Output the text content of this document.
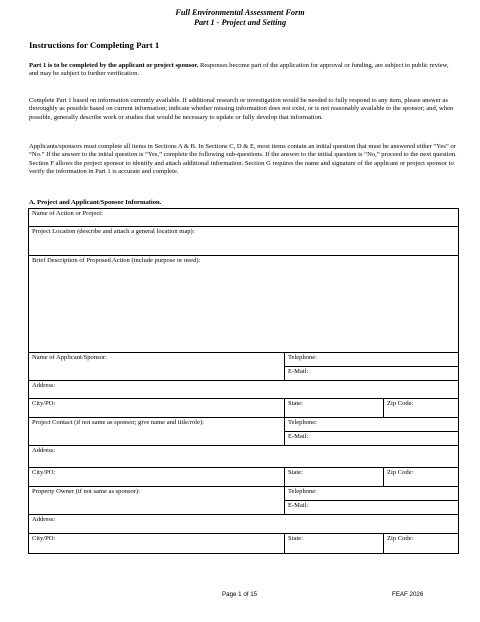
Full Environmental Assessment Form
Part 1 - Project and Setting
Instructions for Completing Part 1
Part 1 is to be completed by the applicant or project sponsor. Responses become part of the application for approval or funding, are subject to public review, and may be subject to further verification.
Complete Part 1 based on information currently available. If additional research or investigation would be needed to fully respond to any item, please answer as thoroughly as possible based on current information; indicate whether missing information does not exist, or is not reasonably available to the sponsor; and, when possible, generally describe work or studies that would be necessary to update or fully develop that information.
Applicants/sponsors must complete all items in Sections A & B. In Sections C, D & E, most items contain an initial question that must be answered either “Yes” or “No.” If the answer to the initial question is “Yes,” complete the following sub-questions. If the answer to the initial question is “No,” proceed to the next question. Section F allows the project sponsor to identify and attach additional information. Section G requires the name and signature of the applicant or project sponsor to verify the information in Part 1 is accurate and complete.
A. Project and Applicant/Sponsor Information.
Name of Action or Project:		
Project Location (describe and attach a general location map):		
Brief Description of Proposed Action (include purpose or need):		
Name of Applicant/Sponsor:	Telephone:	
	E-Mail:	
Address:		
City/PO:	State:	Zip Code:
Project Contact (if not same as sponsor; give name and title/role):	Telephone:	
	E-Mail:	
Address:		
City/PO:	State:	Zip Code:
Property Owner (if not same as sponsor):	Telephone:	
	E-Mail:	
Address:		
City/PO:	State:	Zip Code:
Page 1 of 15	FEAF 2026
